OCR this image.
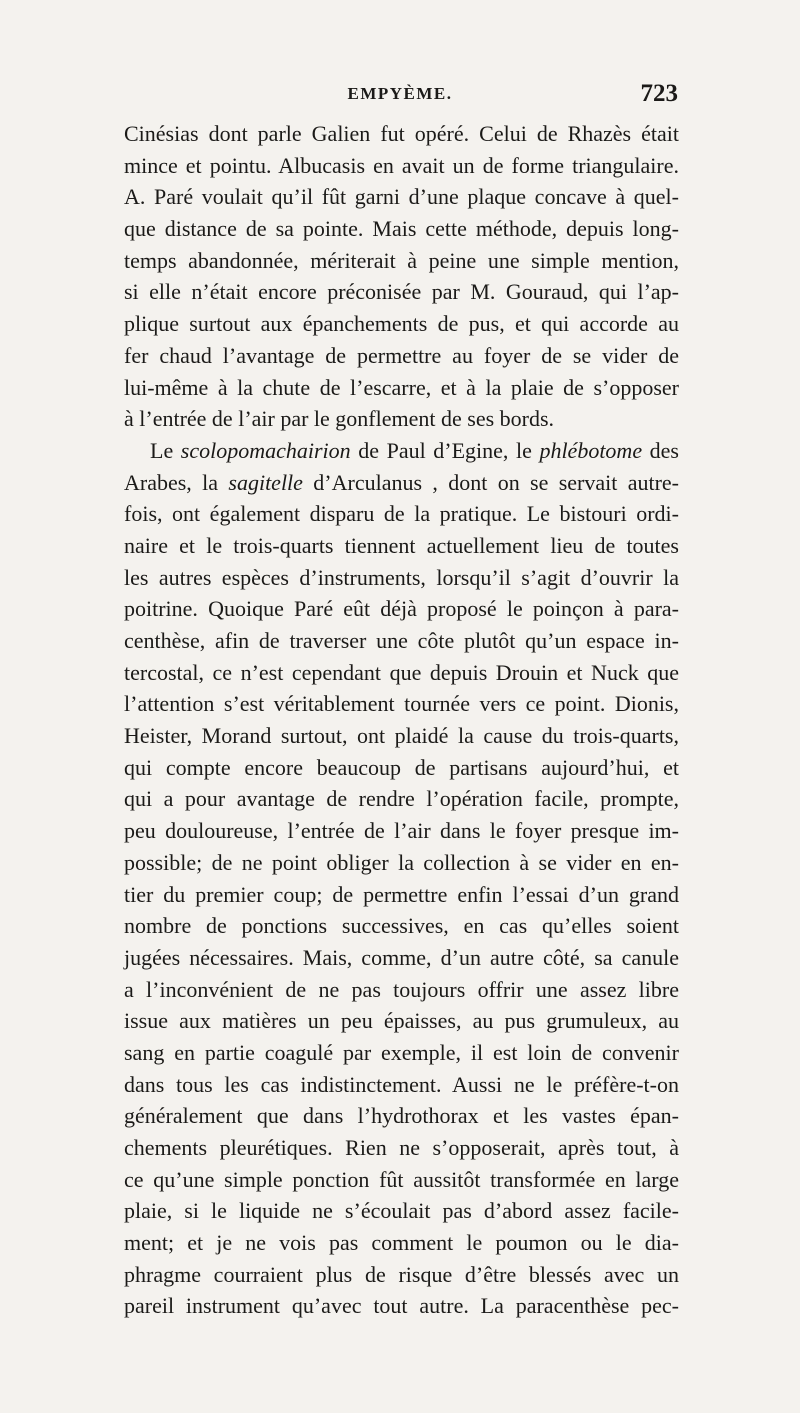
EMPYÈME.	723
Cinésias dont parle Galien fut opéré. Celui de Rhazès était
mince et pointu. Albucasis en avait un de forme triangulaire.
A. Paré voulait qu’il fût garni d’une plaque concave à quel-
que distance de sa pointe. Mais cette méthode, depuis long-
temps abandonnée, mériterait à peine une simple mention,
si elle n’était encore préconisée par M. Gouraud, qui l’ap-
plique surtout aux épanchements de pus, et qui accorde au
fer chaud l’avantage de permettre au foyer de se vider de
lui-même à la chute de l’escarre, et à la plaie de s’opposer
à l’entrée de l’air par le gonflement de ses bords.
Le scolopomachairion de Paul d’Egine, le phlébotome des
Arabes, la sagitelle d’Arculanus , dont on se servait autre-
fois, ont également disparu de la pratique. Le bistouri ordi-
naire et le trois-quarts tiennent actuellement lieu de toutes
les autres espèces d’instruments, lorsqu’il s’agit d’ouvrir la
poitrine. Quoique Paré eût déjà proposé le poinçon à para-
centhèse, afin de traverser une côte plutôt qu’un espace in-
tercostal, ce n’est cependant que depuis Drouin et Nuck que
l’attention s’est véritablement tournée vers ce point. Dionis,
Heister, Morand surtout, ont plaidé la cause du trois-quarts,
qui compte encore beaucoup de partisans aujourd’hui, et
qui a pour avantage de rendre l’opération facile, prompte,
peu douloureuse, l’entrée de l’air dans le foyer presque im-
possible; de ne point obliger la collection à se vider en en-
tier du premier coup; de permettre enfin l’essai d’un grand
nombre de ponctions successives, en cas qu’elles soient
jugées nécessaires. Mais, comme, d’un autre côté, sa canule
a l’inconvénient de ne pas toujours offrir une assez libre
issue aux matières un peu épaisses, au pus grumuleux, au
sang en partie coagulé par exemple, il est loin de convenir
dans tous les cas indistinctement. Aussi ne le préfère-t-on
généralement que dans l’hydrothorax et les vastes épan-
chements pleurétiques. Rien ne s’opposerait, après tout, à
ce qu’une simple ponction fût aussitôt transformée en large
plaie, si le liquide ne s’écoulait pas d’abord assez facile-
ment; et je ne vois pas comment le poumon ou le dia-
phragme courraient plus de risque d’être blessés avec un
pareil instrument qu’avec tout autre. La paracenthèse pec-
